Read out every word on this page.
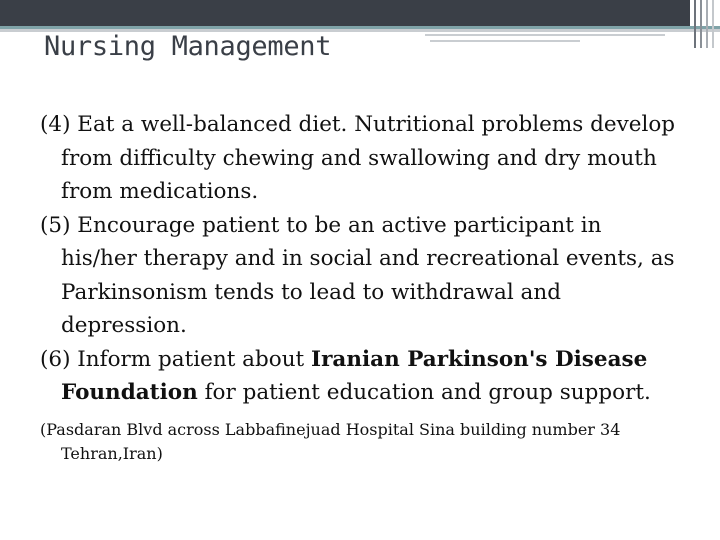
Nursing Management

(4) Eat a well-balanced diet. Nutritional problems develop from difficulty chewing and swallowing and dry mouth from medications.

(5) Encourage patient to be an active participant in his/her therapy and in social and recreational events, as Parkinsonism tends to lead to withdrawal and depression.

(6) Inform patient about Iranian Parkinson's Disease Foundation for patient education and group support.

(Pasdaran Blvd across Labbafinejuad Hospital Sina building number 34 Tehran,Iran)
